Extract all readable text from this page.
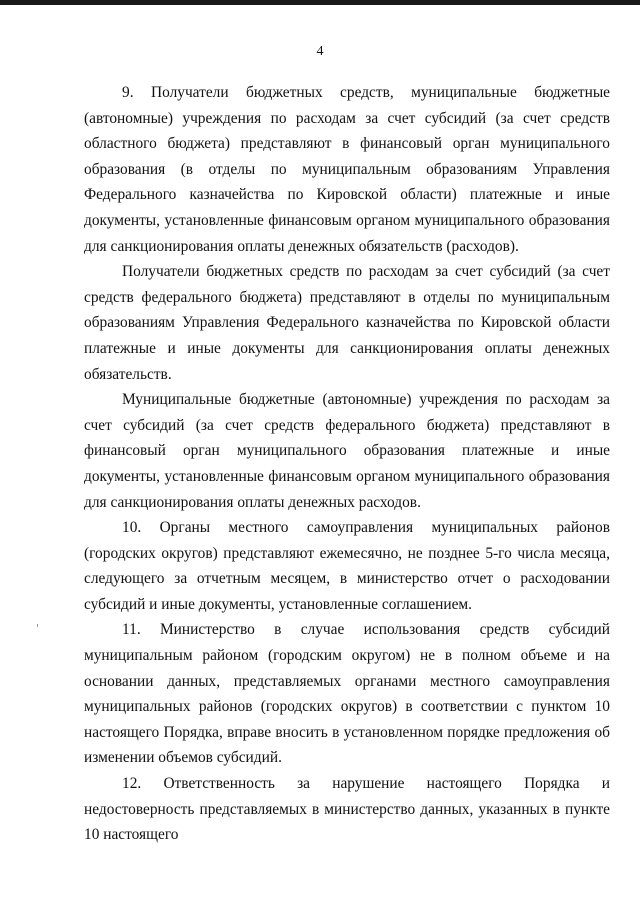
4

9. Получатели бюджетных средств, муниципальные бюджетные (автономные) учреждения по расходам за счет субсидий (за счет средств областного бюджета) представляют в финансовый орган муниципального образования (в отделы по муниципальным образованиям Управления Федерального казначейства по Кировской области) платежные и иные документы, установленные финансовым органом муниципального образования для санкционирования оплаты денежных обязательств (расходов).

Получатели бюджетных средств по расходам за счет субсидий (за счет средств федерального бюджета) представляют в отделы по муниципальным образованиям Управления Федерального казначейства по Кировской области платежные и иные документы для санкционирования оплаты денежных обязательств.

Муниципальные бюджетные (автономные) учреждения по расходам за счет субсидий (за счет средств федерального бюджета) представляют в финансовый орган муниципального образования платежные и иные документы, установленные финансовым органом муниципального образования для санкционирования оплаты денежных расходов.

10. Органы местного самоуправления муниципальных районов (городских округов) представляют ежемесячно, не позднее 5-го числа месяца, следующего за отчетным месяцем, в министерство отчет о расходовании субсидий и иные документы, установленные соглашением.

11. Министерство в случае использования средств субсидий муниципальным районом (городским округом) не в полном объеме и на основании данных, представляемых органами местного самоуправления муниципальных районов (городских округов) в соответствии с пунктом 10 настоящего Порядка, вправе вносить в установленном порядке предложения об изменении объемов субсидий.

12. Ответственность за нарушение настоящего Порядка и недостоверность представляемых в министерство данных, указанных в пункте 10 настоящего
